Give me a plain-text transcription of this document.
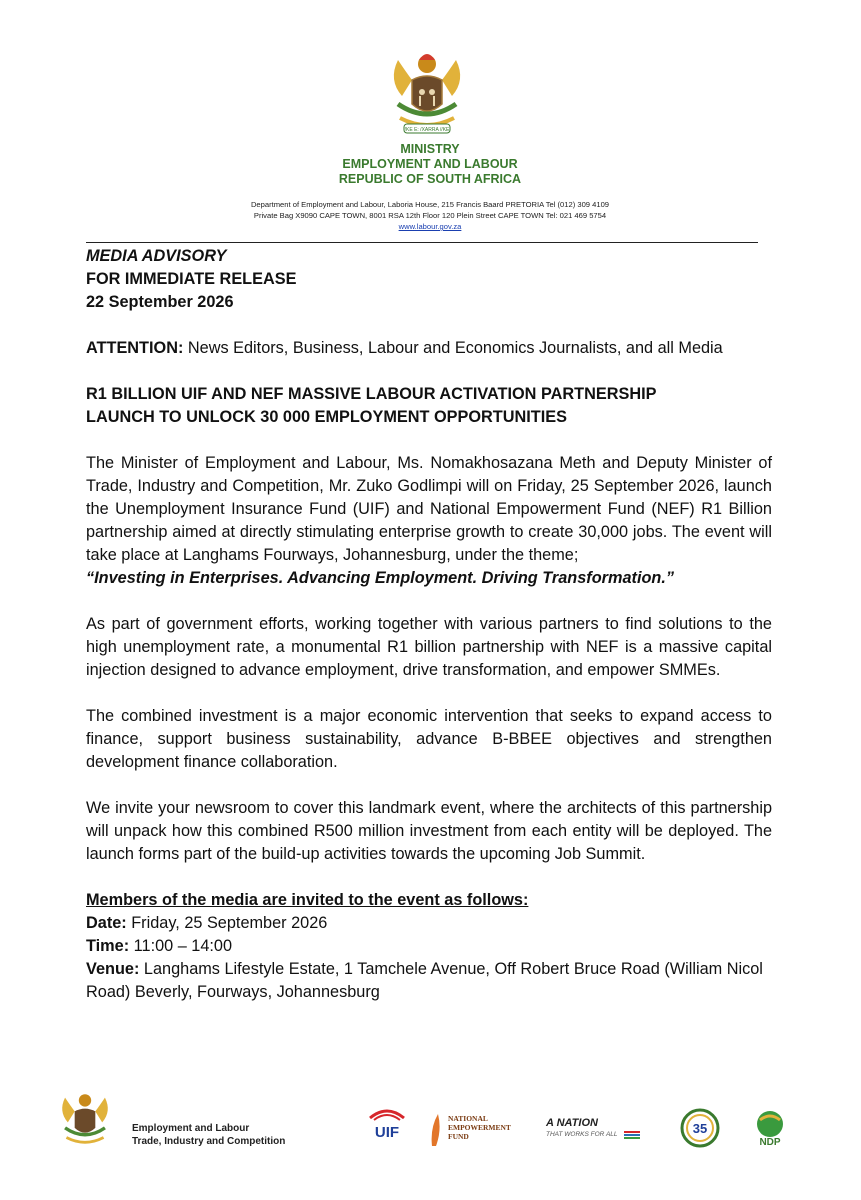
!KE E: /XARRA //KE
MINISTRY
EMPLOYMENT AND LABOUR
REPUBLIC OF SOUTH AFRICA
Department of Employment and Labour, Laboria House, 215 Francis Baard PRETORIA Tel (012) 309 4109
Private Bag X9090 CAPE TOWN, 8001 RSA 12th Floor 120 Plein Street CAPE TOWN Tel: 021 469 5754
www.labour.gov.za

MEDIA ADVISORY

FOR IMMEDIATE RELEASE

22 September 2026

ATTENTION: News Editors, Business, Labour and Economics Journalists, and all Media

R1 BILLION UIF AND NEF MASSIVE LABOUR ACTIVATION PARTNERSHIP

LAUNCH TO UNLOCK 30 000 EMPLOYMENT OPPORTUNITIES

The Minister of Employment and Labour, Ms. Nomakhosazana Meth and Deputy Minister of Trade, Industry and Competition, Mr. Zuko Godlimpi will on Friday, 25 September 2026, launch the Unemployment Insurance Fund (UIF) and National Empowerment Fund (NEF) R1 Billion partnership aimed at directly stimulating enterprise growth to create 30,000 jobs. The event will take place at Langhams Fourways, Johannesburg, under the theme;

“Investing in Enterprises. Advancing Employment. Driving Transformation.”

As part of government efforts, working together with various partners to find solutions to the high unemployment rate, a monumental R1 billion partnership with NEF is a massive capital injection designed to advance employment, drive transformation, and empower SMMEs.

The combined investment is a major economic intervention that seeks to expand access to finance, support business sustainability, advance B-BBEE objectives and strengthen development finance collaboration.

We invite your newsroom to cover this landmark event, where the architects of this partnership will unpack how this combined R500 million investment from each entity will be deployed. The launch forms part of the build-up activities towards the upcoming Job Summit.

Members of the media are invited to the event as follows:

Date: Friday, 25 September 2026

Time: 11:00 – 14:00

Venue: Langhams Lifestyle Estate, 1 Tamchele Avenue, Off Robert Bruce Road (William Nicol Road) Beverly, Fourways, Johannesburg

Employment and Labour
Trade, Industry and Competition
UIF
NATIONAL
EMPOWERMENT
FUND
A NATION
THAT WORKS FOR ALL	35
NDP
